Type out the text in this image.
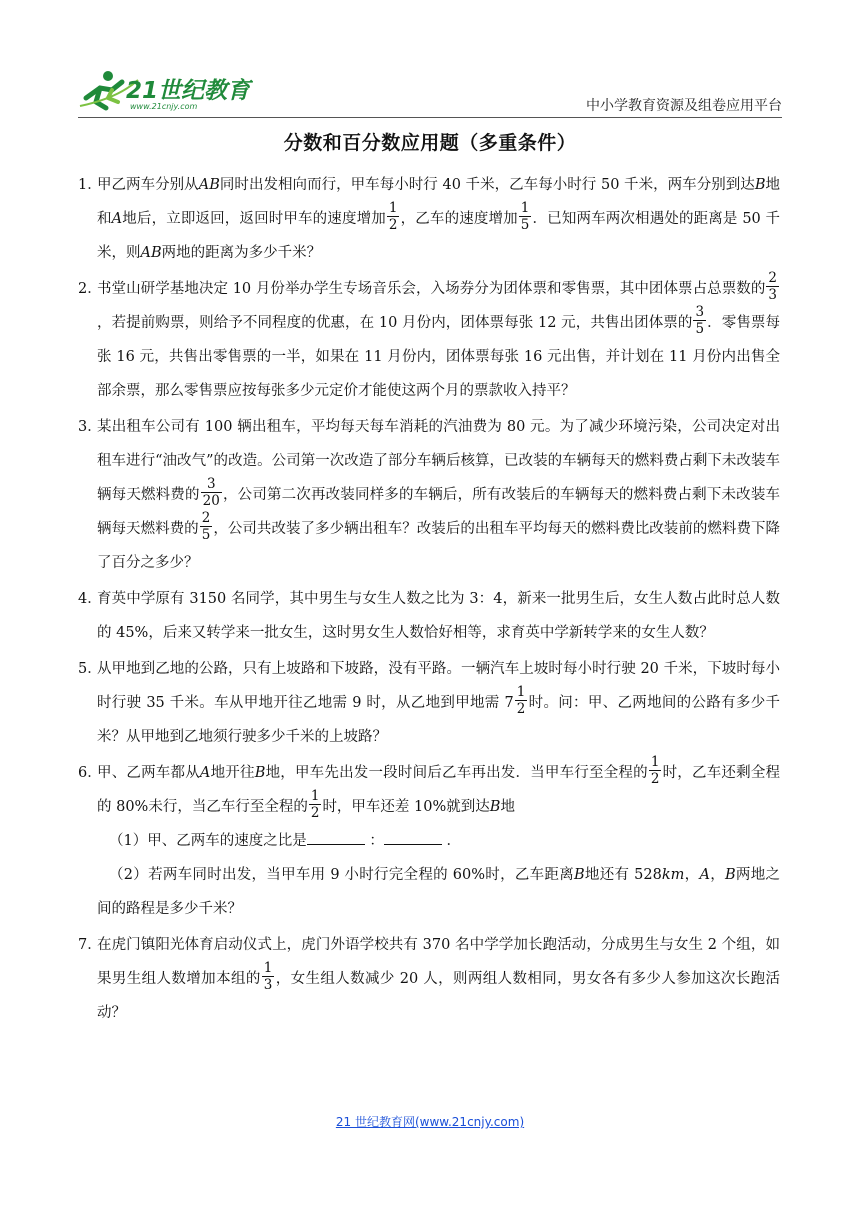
21世纪教育
www.21cnjy.com	中小学教育资源及组卷应用平台
分数和百分数应用题（多重条件）
1．
甲乙两车分别从AB同时出发相向而行，甲车每小时行 40 千米，乙车每小时行 50 千米，两车分别到达B地和A地后，立即返回，返回时甲车的速度增加 $\frac{1}{2}$ ，乙车的速度增加 $\frac{1}{5}$ ．已知两车两次相遇处的距离是 50 千米，则AB两地的距离为多少千米？
2．
书堂山研学基地决定 10 月份举办学生专场音乐会，入场券分为团体票和零售票，其中团体票占总票数的 $\frac{2}{3}$
，若提前购票，则给予不同程度的优惠，在 10 月份内，团体票每张 12 元，共售出团体票的 $\frac{3}{5}$ ．零售票每张 16 元，共售出零售票的一半，如果在 11 月份内，团体票每张 16 元出售，并计划在 11 月份内出售全部余票，那么零售票应按每张多少元定价才能使这两个月的票款收入持平？
3．
某出租车公司有 100 辆出租车，平均每天每车消耗的汽油费为 80 元。为了减少环境污染，公司决定对出租车进行“油改气”的改造。公司第一次改造了部分车辆后核算，已改装的车辆每天的燃料费占剩下未改装车辆每天燃料费的 $\frac{3}{20}$ ，公司第二次再改装同样多的车辆后，所有改装后的车辆每天的燃料费占剩下未改装车辆每天燃料费的 $\frac{2}{5}$ ，公司共改装了多少辆出租车？改装后的出租车平均每天的燃料费比改装前的燃料费下降了百分之多少？
4．
育英中学原有 3150 名同学，其中男生与女生人数之比为 3：4，新来一批男生后，女生人数占此时总人数的 45%，后来又转学来一批女生，这时男女生人数恰好相等，求育英中学新转学来的女生人数？
5．
从甲地到乙地的公路，只有上坡路和下坡路，没有平路。一辆汽车上坡时每小时行驶 20 千米，下坡时每小时行驶 35 千米。车从甲地开往乙地需 9 时，从乙地到甲地需 $7 \frac{1}{2}$ 时。问：甲、乙两地间的公路有多少千米？从甲地到乙地须行驶多少千米的上坡路？
6．
甲、乙两车都从A地开往B地，甲车先出发一段时间后乙车再出发．当甲车行至全程的 $\frac{1}{2}$ 时，乙车还剩全程的 80%未行，当乙车行至全程的 $\frac{1}{2}$ 时，甲车还差 10%就到达B地
（1）甲、乙两车的速度之比是	：	．
（2）若两车同时出发，当甲车用 9 小时行完全程的 60%时，乙车距离B地还有 528km，A，B两地之间的路程是多少千米？
7．
在虎门镇阳光体育启动仪式上，虎门外语学校共有 370 名中学学加长跑活动，分成男生与女生 2 个组，如果男生组人数增加本组的 $\frac{1}{3}$ ，女生组人数减少 20 人，则两组人数相同，男女各有多少人参加这次长跑活动？
21 世纪教育网(www.21cnjy.com)
